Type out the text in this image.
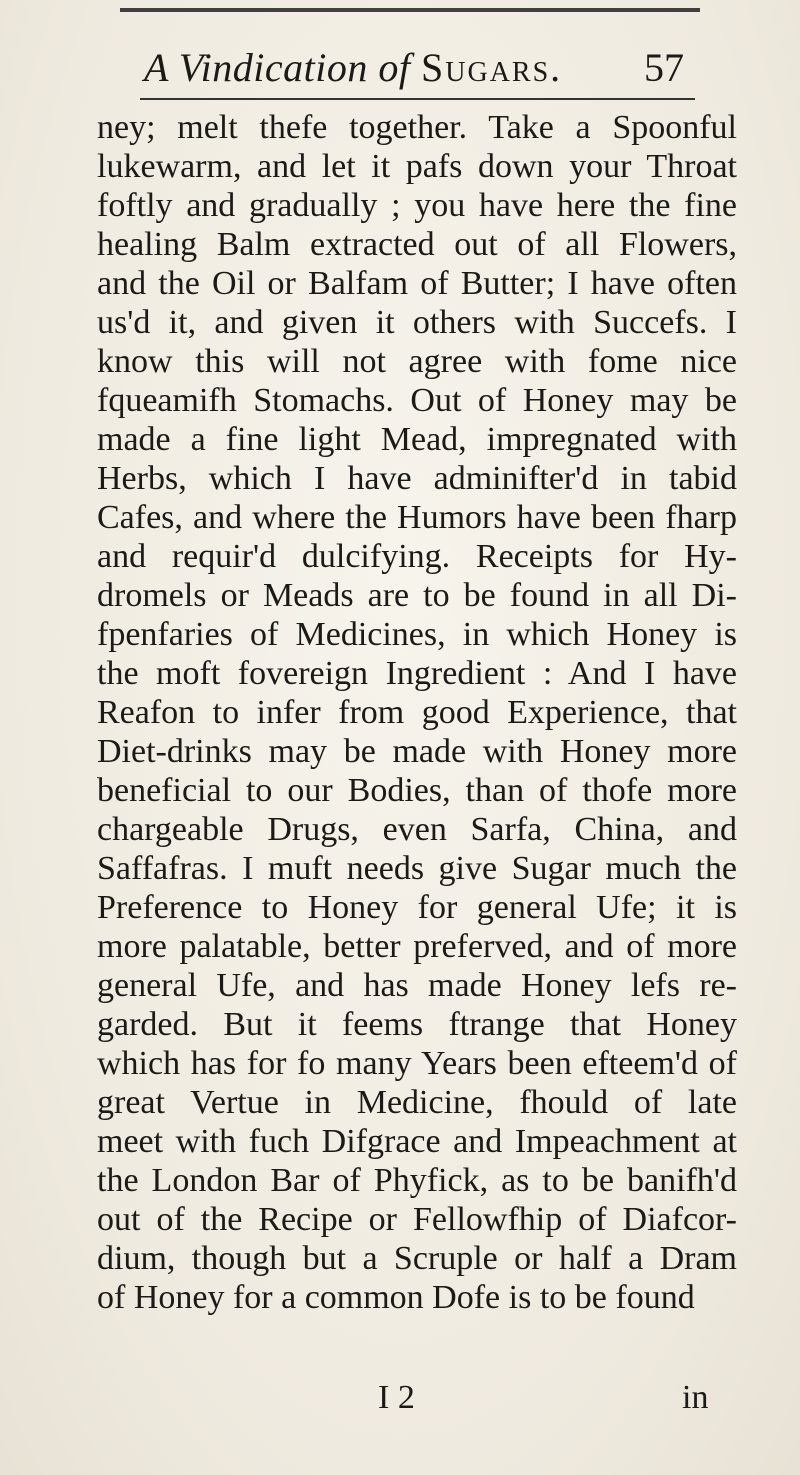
A Vindication of Sugars. 57
ney; melt thefe together. Take a Spoonful
lukewarm, and let it pafs down your Throat
foftly and gradually ; you have here the fine
healing Balm extracted out of all Flowers,
and the Oil or Balfam of Butter; I have often
us'd it, and given it others with Succefs. I
know this will not agree with fome nice
fqueamifh Stomachs. Out of Honey may be
made a fine light Mead, impregnated with
Herbs, which I have adminifter'd in tabid
Cafes, and where the Humors have been fharp
and requir'd dulcifying. Receipts for Hy-
dromels or Meads are to be found in all Di-
fpenfaries of Medicines, in which Honey is
the moft fovereign Ingredient : And I have
Reafon to infer from good Experience, that
Diet-drinks may be made with Honey more
beneficial to our Bodies, than of thofe more
chargeable Drugs, even Sarfa, China, and
Saffafras. I muft needs give Sugar much the
Preference to Honey for general Ufe; it is
more palatable, better preferved, and of more
general Ufe, and has made Honey lefs re-
garded. But it feems ftrange that Honey
which has for fo many Years been efteem'd of
great Vertue in Medicine, fhould of late
meet with fuch Difgrace and Impeachment at
the London Bar of Phyfick, as to be banifh'd
out of the Recipe or Fellowfhip of Diafcor-
dium, though but a Scruple or half a Dram
of Honey for a common Dofe is to be found
I 2	in
